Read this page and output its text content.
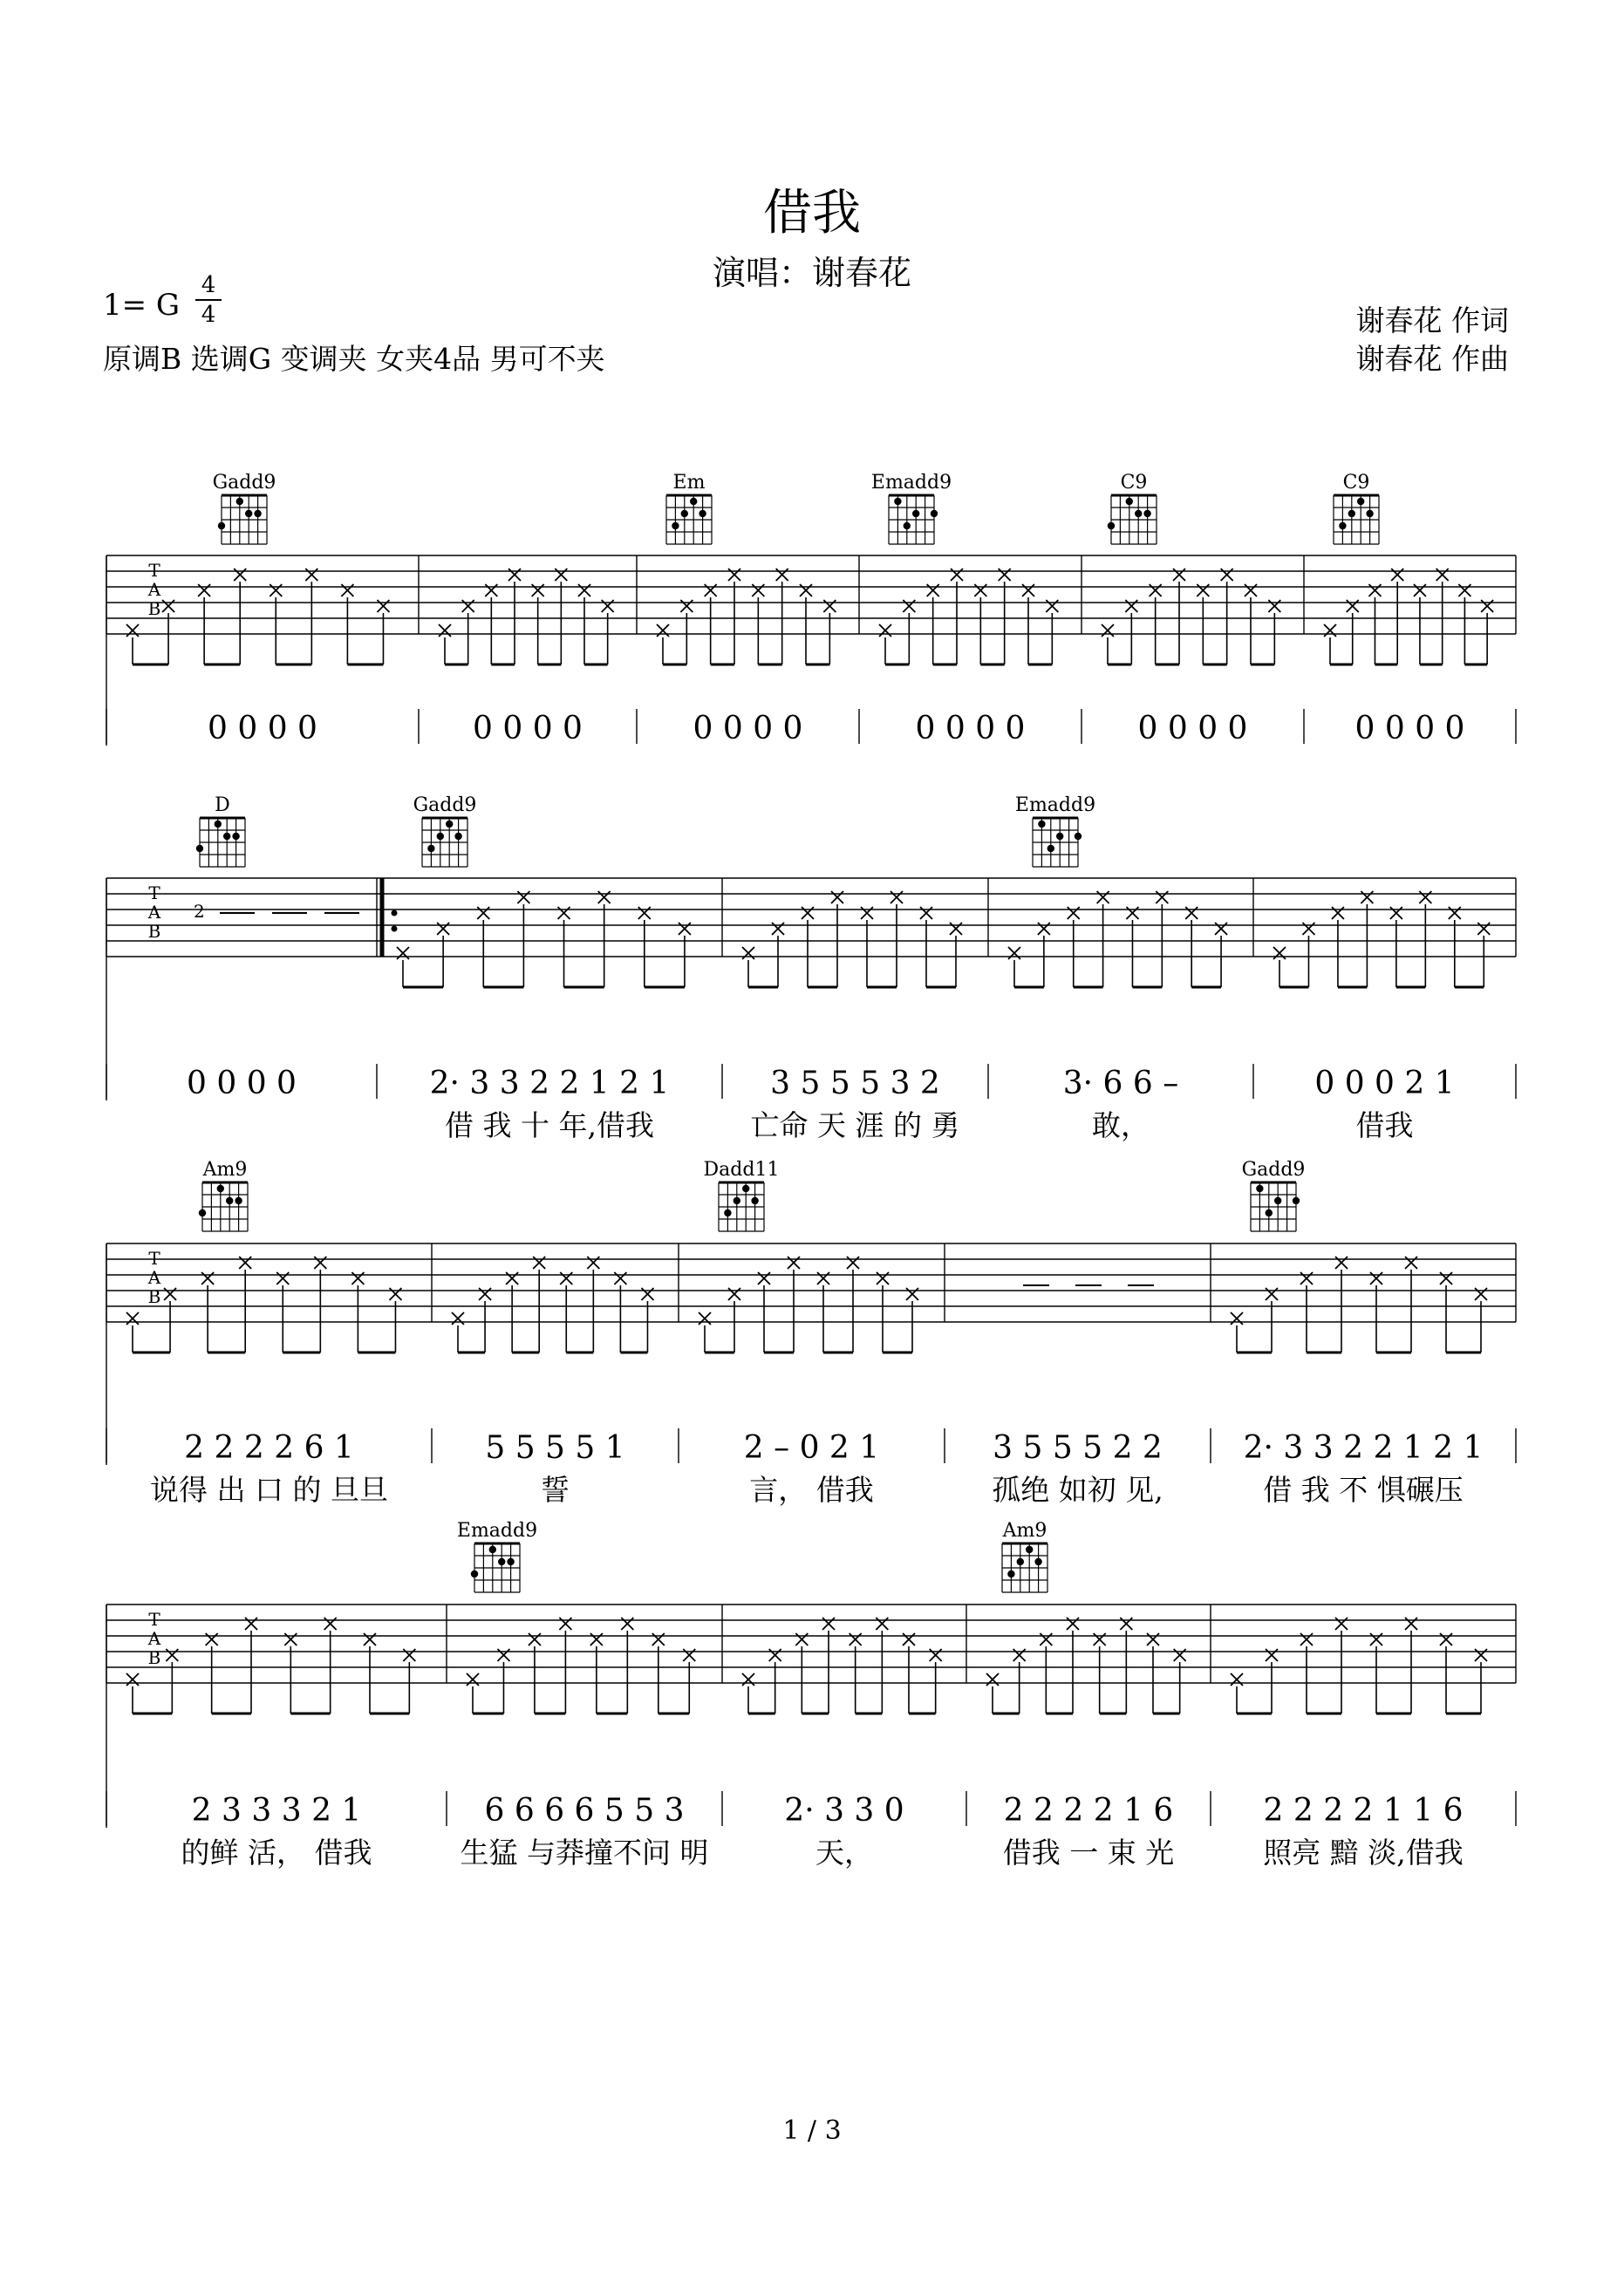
借我
演唱：谢春花
1= G
4
4
原调B 选调G 变调夹 女夹4品 男可不夹
谢春花 作词
谢春花 作曲
T
A
B
Gadd9	Em	Emadd9	C9	C9
0 0 0 0	0 0 0 0	0 0 0 0	0 0 0 0	0 0 0 0	0 0 0 0
T
A
B
2
D	Gadd9	Emadd9
0 0 0 0	2· 3 3 2 2 1 2 1
借 我 十 年,借我
3 5 5 5 3 2
亡命 天 涯 的 勇
3· 6 6 –
敢，
0 0 0 2 1
借我
T
A
B
Am9	Dadd11	Gadd9
2 2 2 2 6 1
说得 出 口 的 旦旦
5 5 5 5 1
誓
2 – 0 2 1
言， 借我
3 5 5 5 2 2
孤绝 如初 见,
2· 3 3 2 2 1 2 1
借 我 不 惧碾压
T
A
B
Emadd9	Am9
2 3 3 3 2 1
的鲜 活， 借我
6 6 6 6 5 5 3
生猛 与莽撞不问 明
2· 3 3 0
天，
2 2 2 2 1 6
借我 一 束 光
2 2 2 2 1 1 6
照亮 黯 淡,借我
1 / 3
